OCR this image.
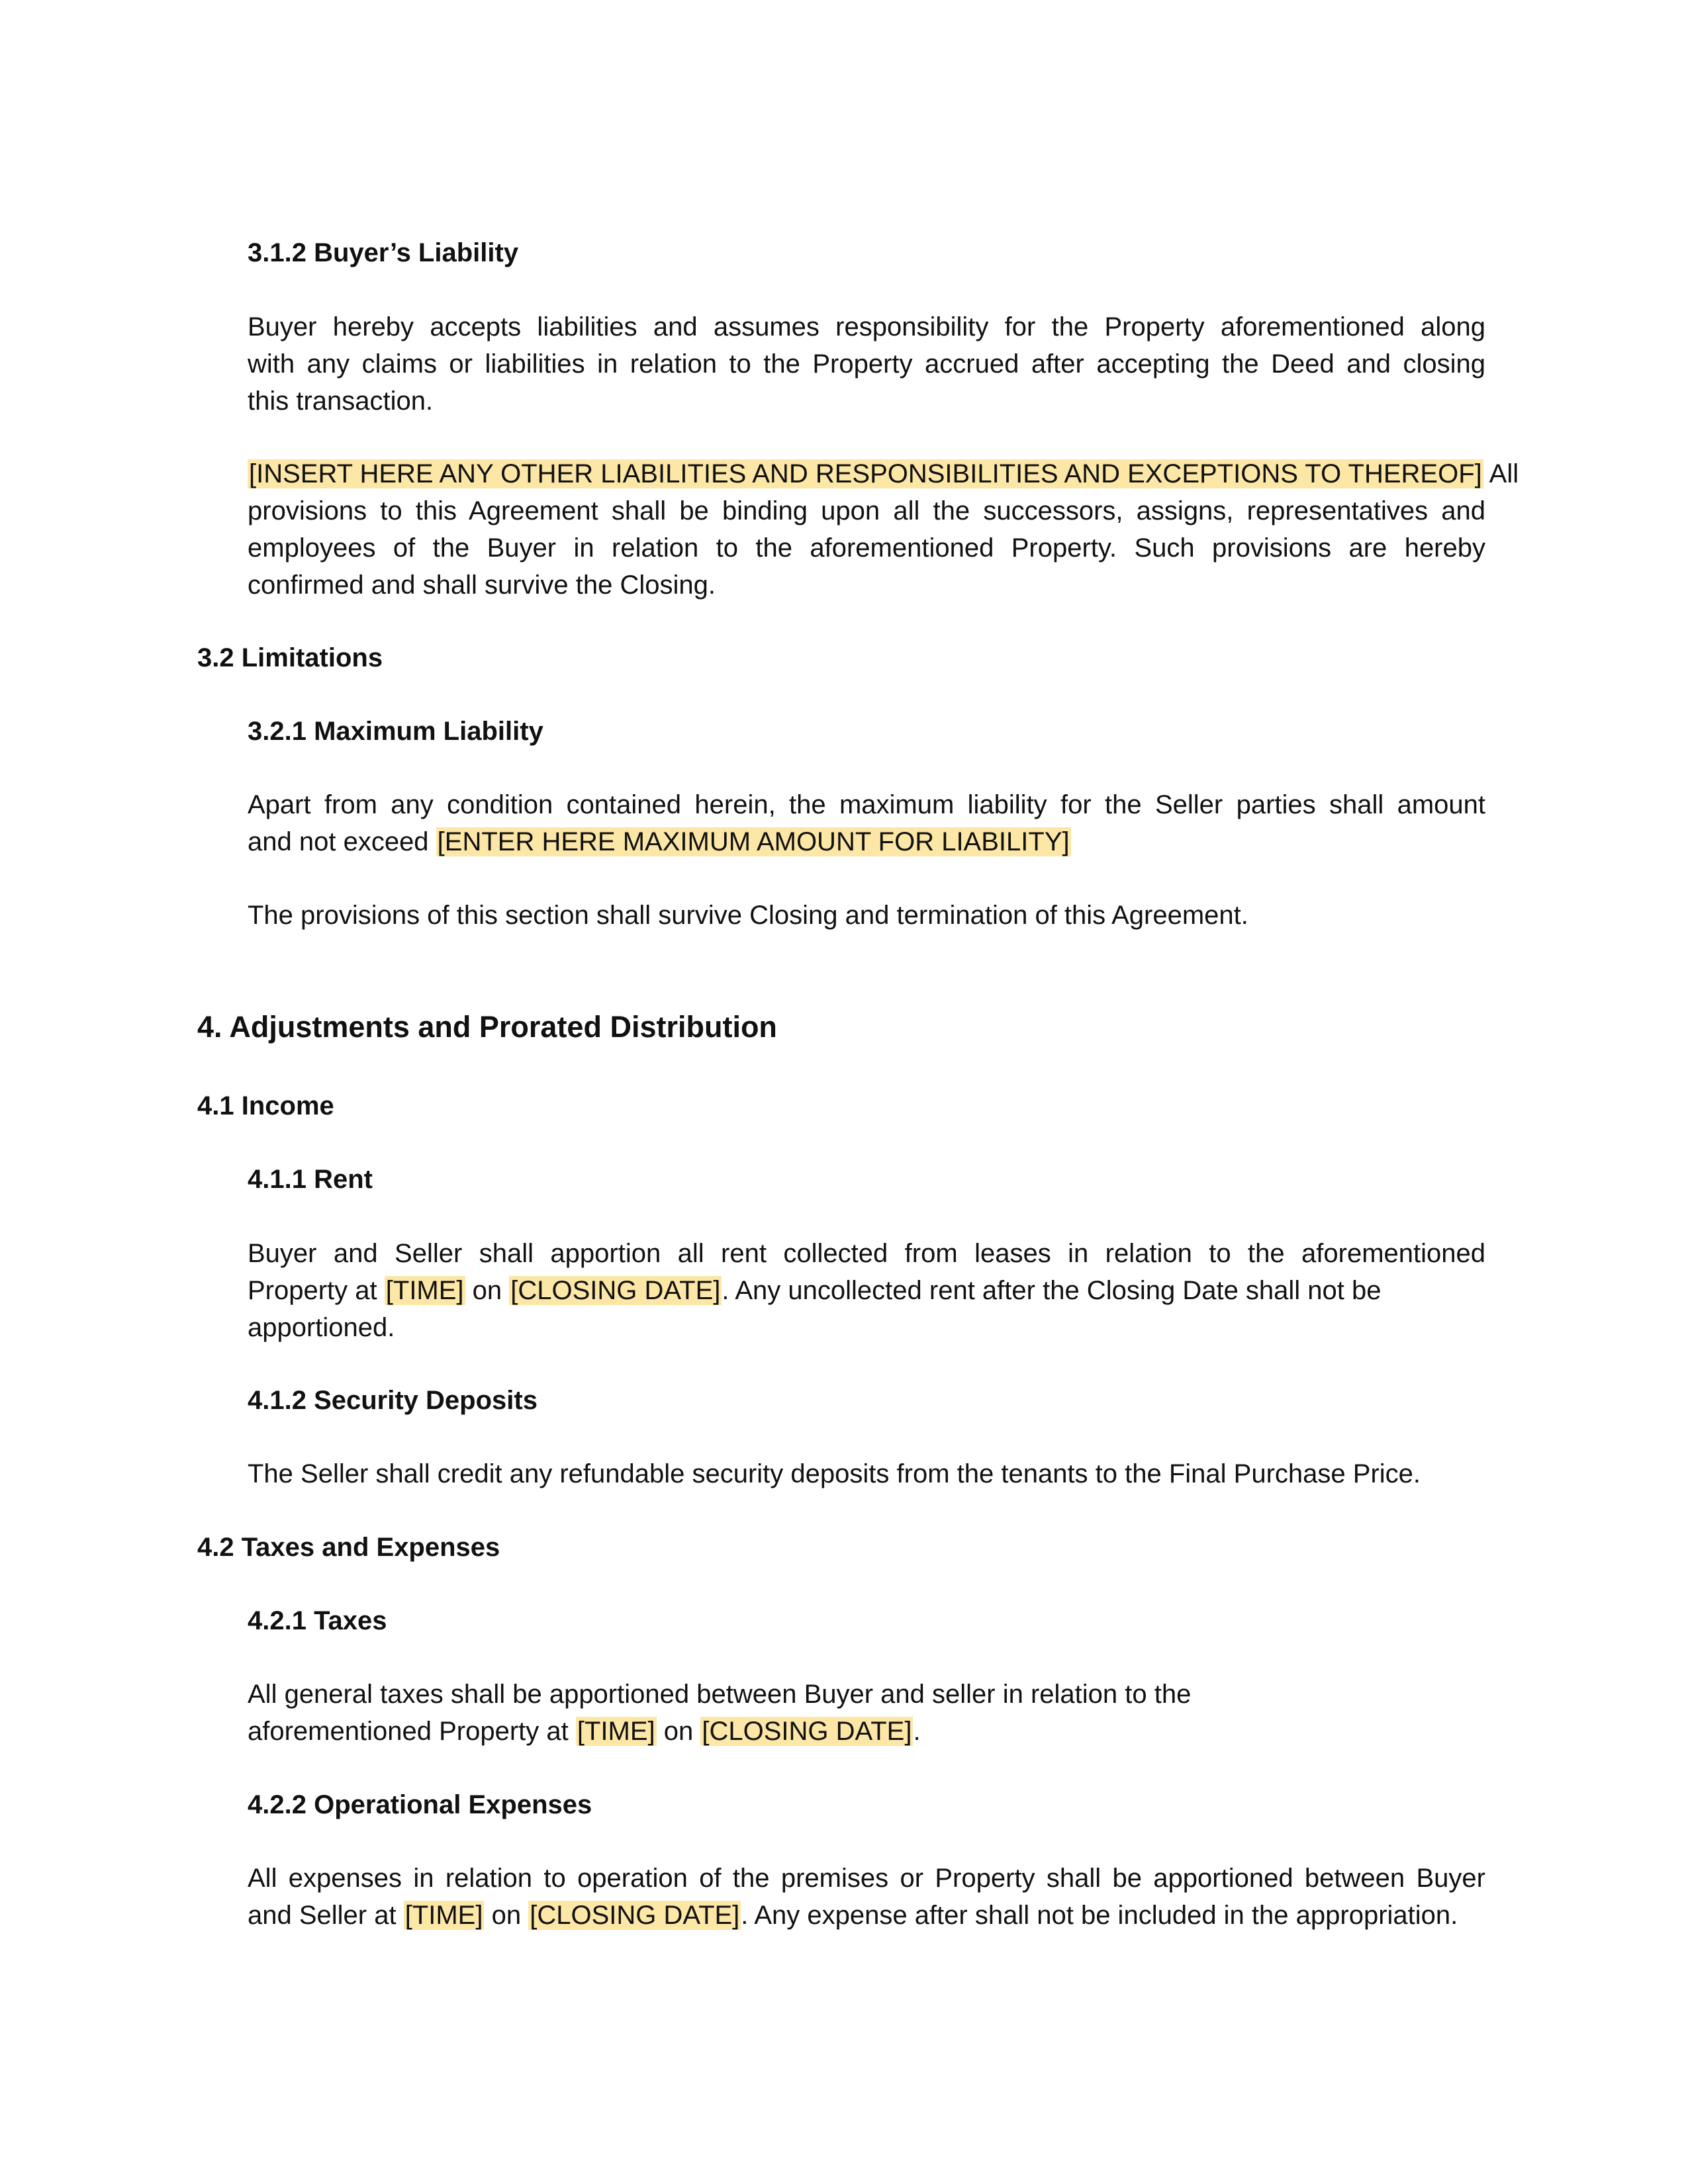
3.1.2 Buyer’s Liability
Buyer hereby accepts liabilities and assumes responsibility for the Property aforementioned along
with any claims or liabilities in relation to the Property accrued after accepting the Deed and closing
this transaction.
[INSERT HERE ANY OTHER LIABILITIES AND RESPONSIBILITIES AND EXCEPTIONS TO THEREOF] All
provisions to this Agreement shall be binding upon all the successors, assigns, representatives and
employees of the Buyer in relation to the aforementioned Property. Such provisions are hereby
confirmed and shall survive the Closing.
3.2 Limitations
3.2.1 Maximum Liability
Apart from any condition contained herein, the maximum liability for the Seller parties shall amount
and not exceed [ENTER HERE MAXIMUM AMOUNT FOR LIABILITY]
The provisions of this section shall survive Closing and termination of this Agreement.
4. Adjustments and Prorated Distribution
4.1 Income
4.1.1 Rent
Buyer and Seller shall apportion all rent collected from leases in relation to the aforementioned
Property at [TIME] on [CLOSING DATE]. Any uncollected rent after the Closing Date shall not be
apportioned.
4.1.2 Security Deposits
The Seller shall credit any refundable security deposits from the tenants to the Final Purchase Price.
4.2 Taxes and Expenses
4.2.1 Taxes
All general taxes shall be apportioned between Buyer and seller in relation to the
aforementioned Property at [TIME] on [CLOSING DATE].
4.2.2 Operational Expenses
All expenses in relation to operation of the premises or Property shall be apportioned between Buyer
and Seller at [TIME] on [CLOSING DATE]. Any expense after shall not be included in the appropriation.
